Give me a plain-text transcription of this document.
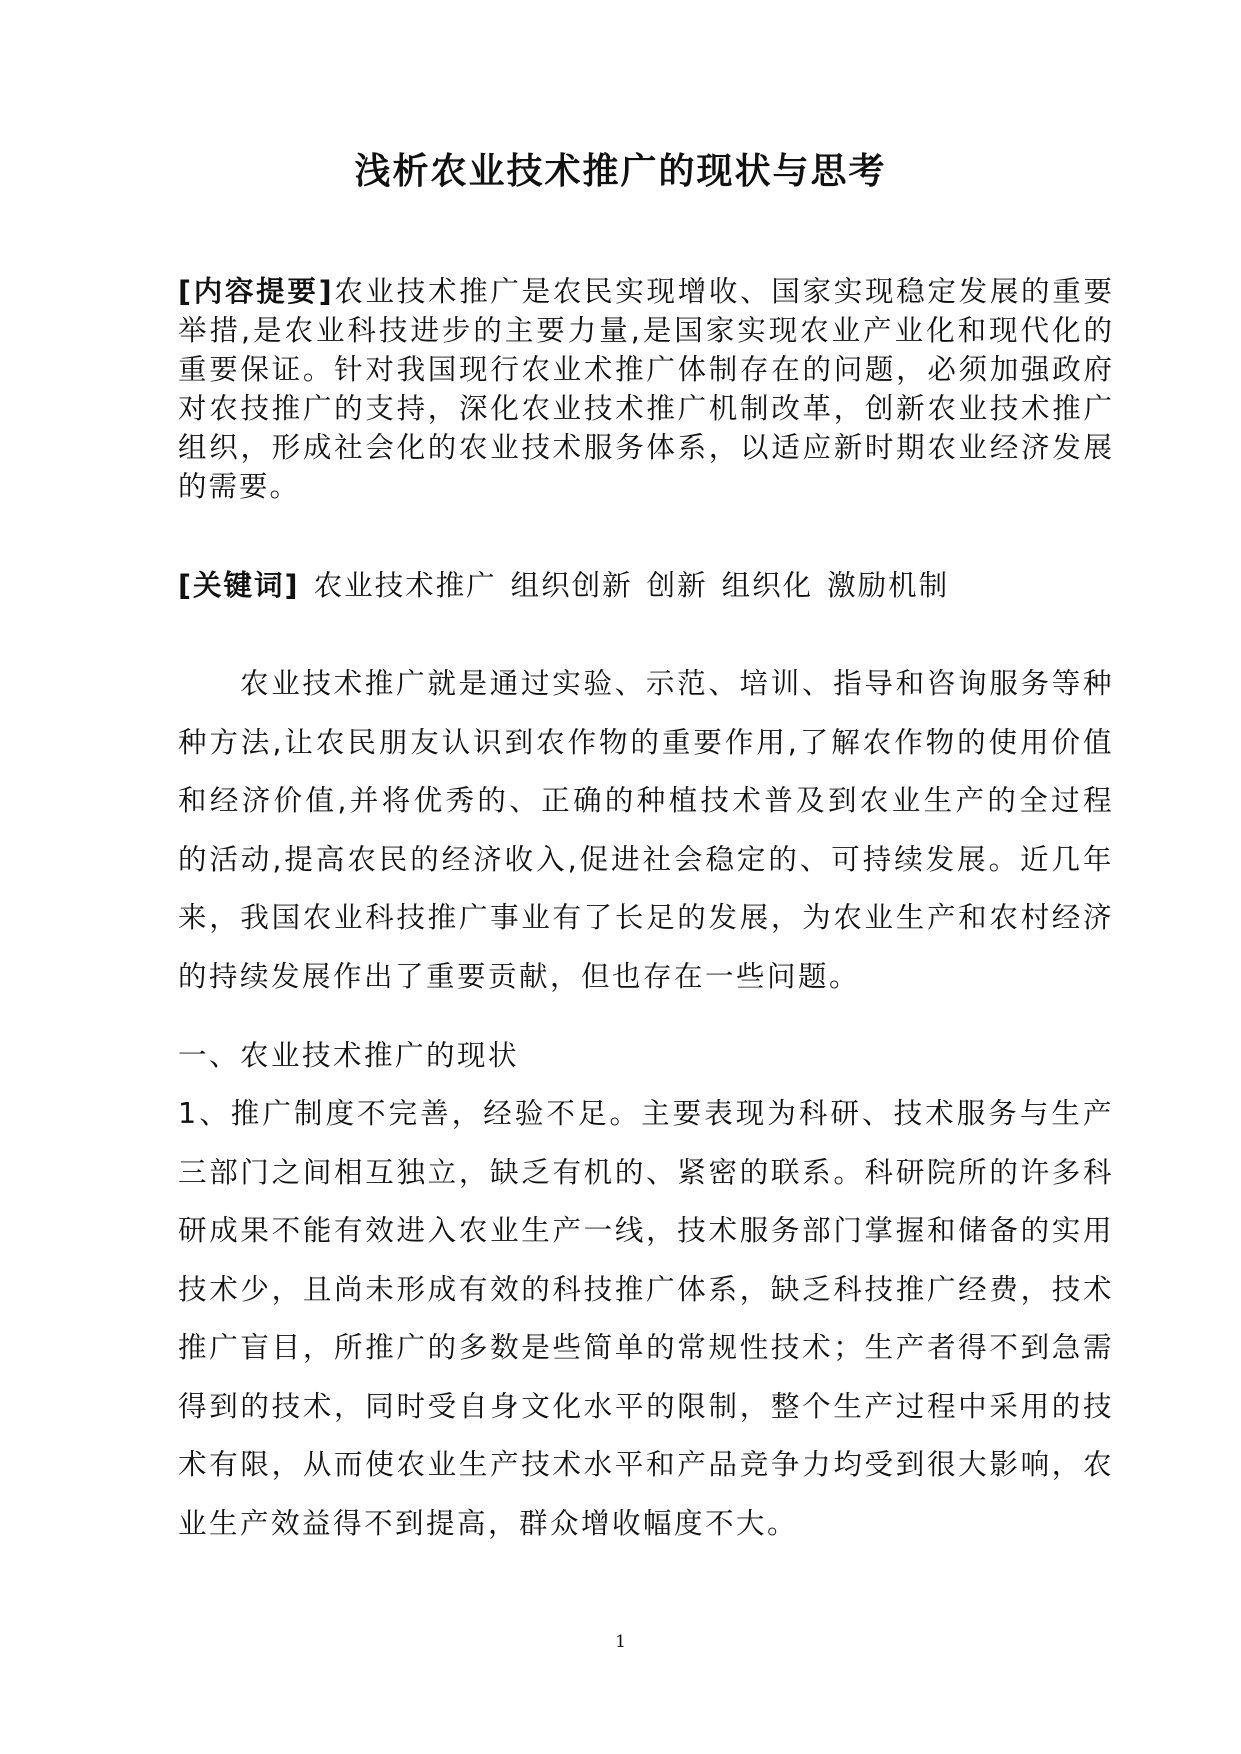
浅析农业技术推广的现状与思考
[内容提要]农业技术推广是农民实现增收、国家实现稳定发展的重要举措,是农业科技进步的主要力量,是国家实现农业产业化和现代化的重要保证。针对我国现行农业术推广体制存在的问题，必须加强政府对农技推广的支持，深化农业技术推广机制改革，创新农业技术推广组织，形成社会化的农业技术服务体系，以适应新时期农业经济发展的需要。
[关键词] 农业技术推广 组织创新 创新 组织化 激励机制

农业技术推广就是通过实验、示范、培训、指导和咨询服务等种种方法,让农民朋友认识到农作物的重要作用,了解农作物的使用价值和经济价值,并将优秀的、正确的种植技术普及到农业生产的全过程的活动,提高农民的经济收入,促进社会稳定的、可持续发展。近几年来，我国农业科技推广事业有了长足的发展，为农业生产和农村经济的持续发展作出了重要贡献，但也存在一些问题。

一、农业技术推广的现状

1、推广制度不完善，经验不足。主要表现为科研、技术服务与生产三部门之间相互独立，缺乏有机的、紧密的联系。科研院所的许多科研成果不能有效进入农业生产一线，技术服务部门掌握和储备的实用技术少，且尚未形成有效的科技推广体系，缺乏科技推广经费，技术推广盲目，所推广的多数是些简单的常规性技术；生产者得不到急需得到的技术，同时受自身文化水平的限制，整个生产过程中采用的技术有限，从而使农业生产技术水平和产品竞争力均受到很大影响，农业生产效益得不到提高，群众增收幅度不大。

1
